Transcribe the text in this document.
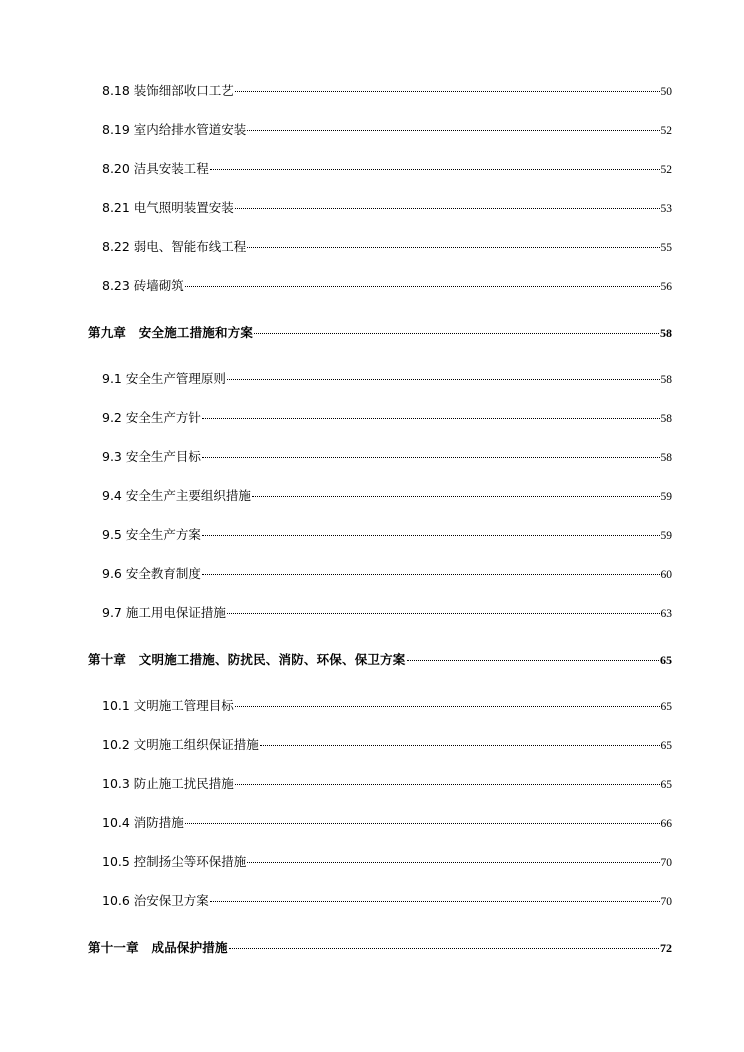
8.18 装饰细部收口工艺	50
8.19 室内给排水管道安装	52
8.20 洁具安装工程	52
8.21 电气照明装置安装	53
8.22 弱电、智能布线工程	55
8.23 砖墙砌筑	56
第九章　安全施工措施和方案	58
9.1 安全生产管理原则	58
9.2 安全生产方针	58
9.3 安全生产目标	58
9.4 安全生产主要组织措施	59
9.5 安全生产方案	59
9.6 安全教育制度	60
9.7 施工用电保证措施	63
第十章　文明施工措施、防扰民、消防、环保、保卫方案	65
10.1 文明施工管理目标	65
10.2 文明施工组织保证措施	65
10.3 防止施工扰民措施	65
10.4 消防措施	66
10.5 控制扬尘等环保措施	70
10.6 治安保卫方案	70
第十一章　成品保护措施	72
